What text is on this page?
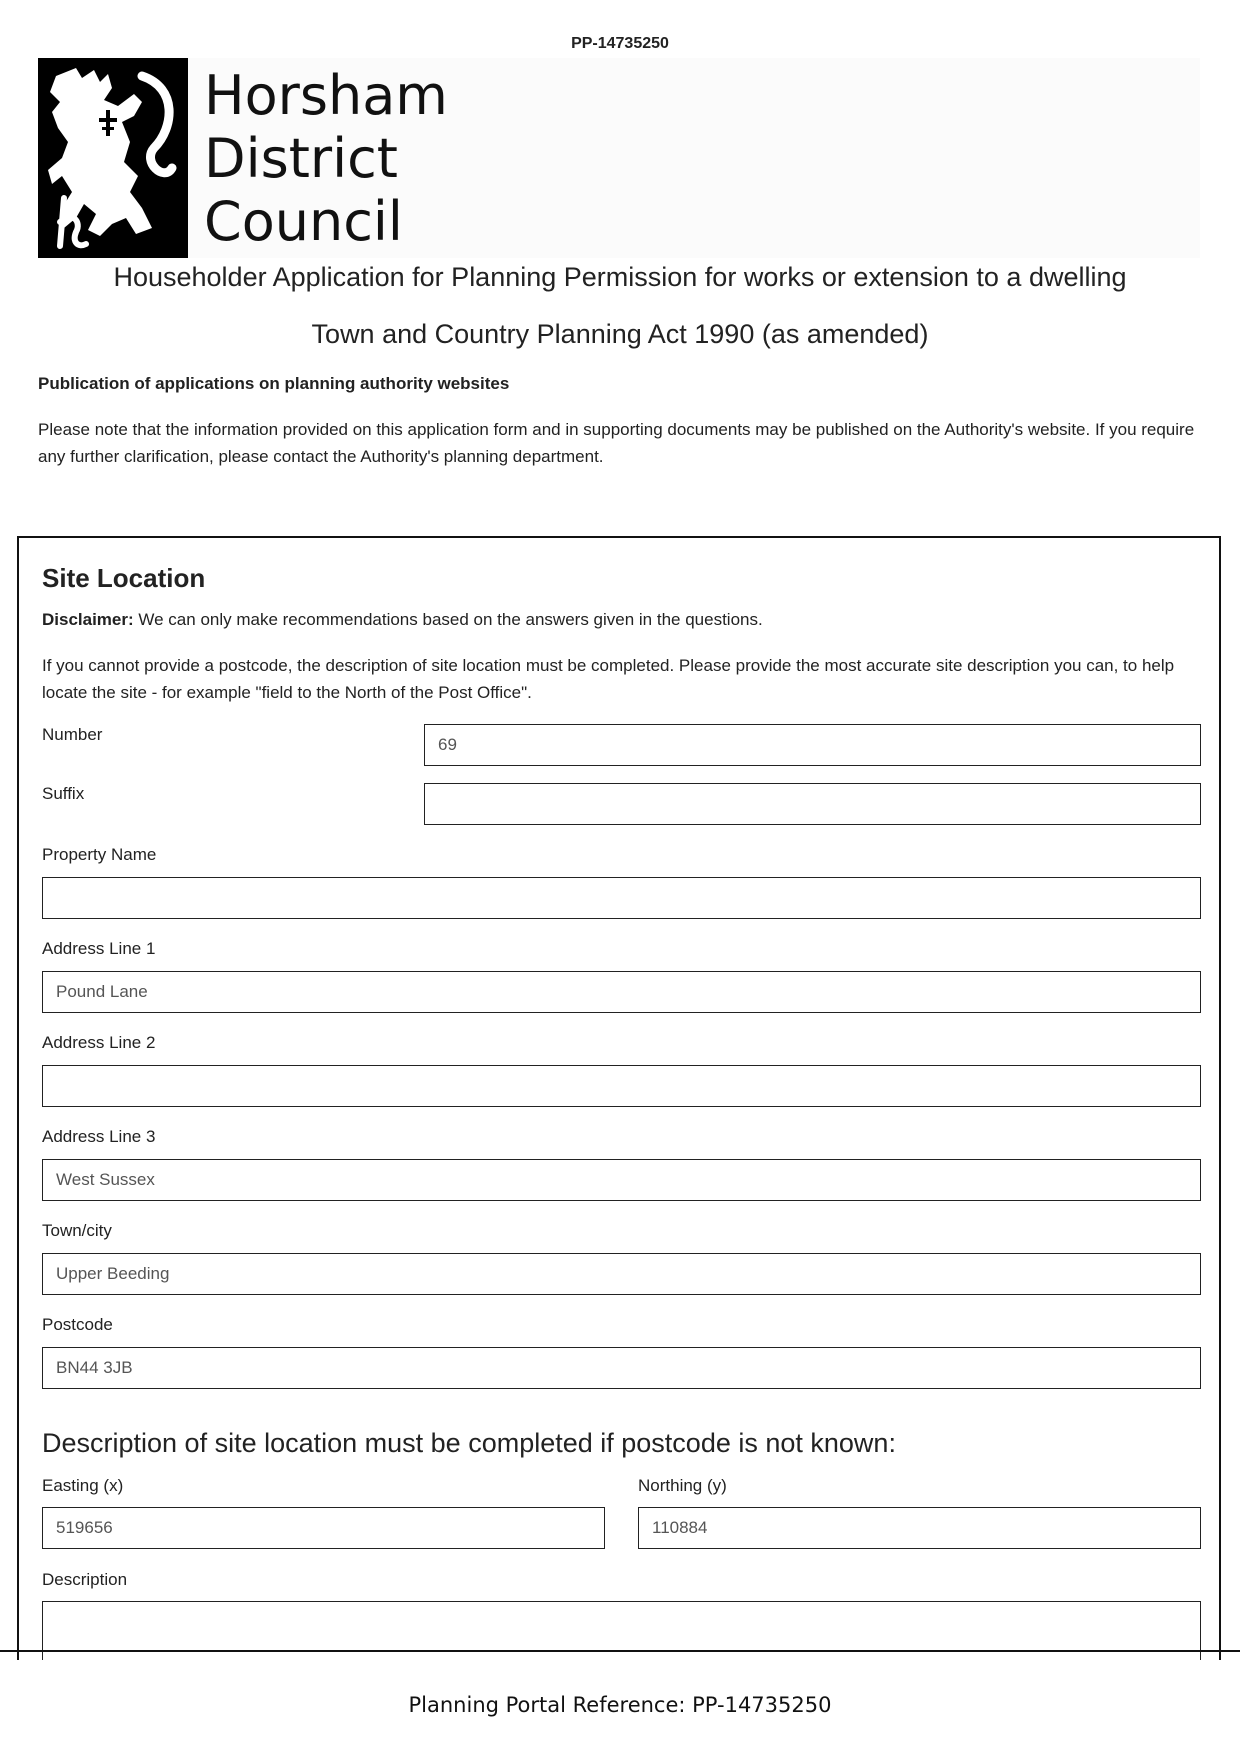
PP-14735250
Horsham
District
Council
Householder Application for Planning Permission for works or extension to a dwelling
Town and Country Planning Act 1990 (as amended)
Publication of applications on planning authority websites
Please note that the information provided on this application form and in supporting documents may be published on the Authority's website. If you require any further clarification, please contact the Authority's planning department.
Site Location
Disclaimer: We can only make recommendations based on the answers given in the questions.
If you cannot provide a postcode, the description of site location must be completed. Please provide the most accurate site description you can, to help locate the site - for example "field to the North of the Post Office".
Number
69
Suffix
Property Name
Address Line 1
Pound Lane
Address Line 2
Address Line 3
West Sussex
Town/city
Upper Beeding
Postcode
BN44 3JB
Description of site location must be completed if postcode is not known:
Easting (x)
519656
Northing (y)
110884
Description
Planning Portal Reference: PP-14735250
